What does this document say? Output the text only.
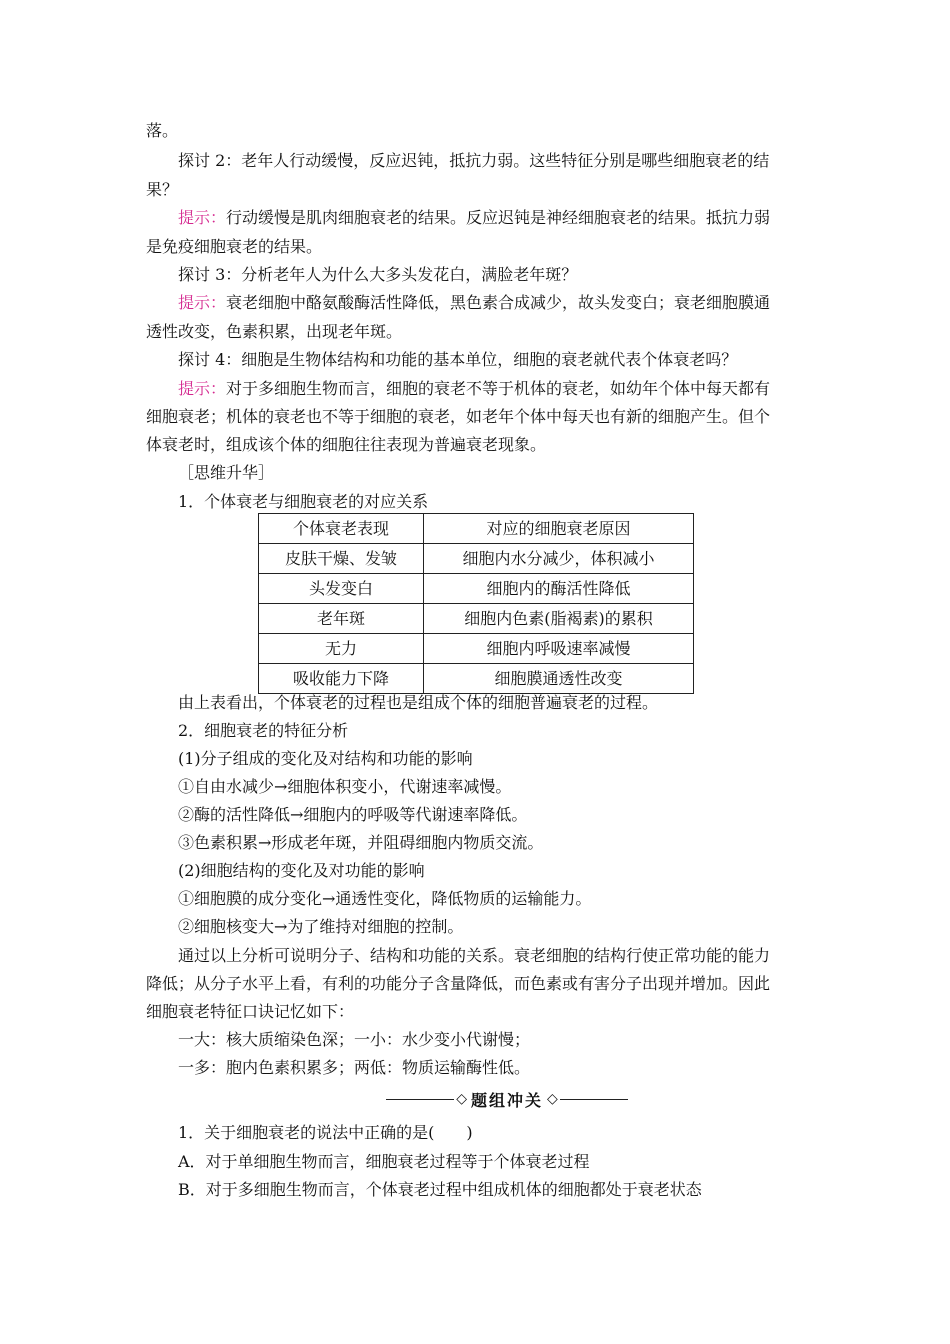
落。
探讨 2：老年人行动缓慢，反应迟钝，抵抗力弱。这些特征分别是哪些细胞衰老的结
果？
提示：行动缓慢是肌肉细胞衰老的结果。反应迟钝是神经细胞衰老的结果。抵抗力弱
是免疫细胞衰老的结果。
探讨 3：分析老年人为什么大多头发花白，满脸老年斑？
提示：衰老细胞中酪氨酸酶活性降低，黑色素合成减少，故头发变白；衰老细胞膜通
透性改变，色素积累，出现老年斑。
探讨 4：细胞是生物体结构和功能的基本单位，细胞的衰老就代表个体衰老吗？
提示：对于多细胞生物而言，细胞的衰老不等于机体的衰老，如幼年个体中每天都有
细胞衰老；机体的衰老也不等于细胞的衰老，如老年个体中每天也有新的细胞产生。但个
体衰老时，组成该个体的细胞往往表现为普遍衰老现象。
［思维升华］
1．个体衰老与细胞衰老的对应关系
个体衰老表现	对应的细胞衰老原因
皮肤干燥、发皱	细胞内水分减少，体积减小
头发变白	细胞内的酶活性降低
老年斑	细胞内色素(脂褐素)的累积
无力	细胞内呼吸速率减慢
吸收能力下降	细胞膜通透性改变
由上表看出，个体衰老的过程也是组成个体的细胞普遍衰老的过程。
2．细胞衰老的特征分析
(1)分子组成的变化及对结构和功能的影响
①自由水减少→细胞体积变小，代谢速率减慢。
②酶的活性降低→细胞内的呼吸等代谢速率降低。
③色素积累→形成老年斑，并阻碍细胞内物质交流。
(2)细胞结构的变化及对功能的影响
①细胞膜的成分变化→通透性变化，降低物质的运输能力。
②细胞核变大→为了维持对细胞的控制。
通过以上分析可说明分子、结构和功能的关系。衰老细胞的结构行使正常功能的能力
降低；从分子水平上看，有利的功能分子含量降低，而色素或有害分子出现并增加。因此
细胞衰老特征口诀记忆如下：
一大：核大质缩染色深；一小：水少变小代谢慢；
一多：胞内色素积累多；两低：物质运输酶性低。
◇ 题组冲关 ◇
1．关于细胞衰老的说法中正确的是(　　)
A．对于单细胞生物而言，细胞衰老过程等于个体衰老过程
B．对于多细胞生物而言，个体衰老过程中组成机体的细胞都处于衰老状态
